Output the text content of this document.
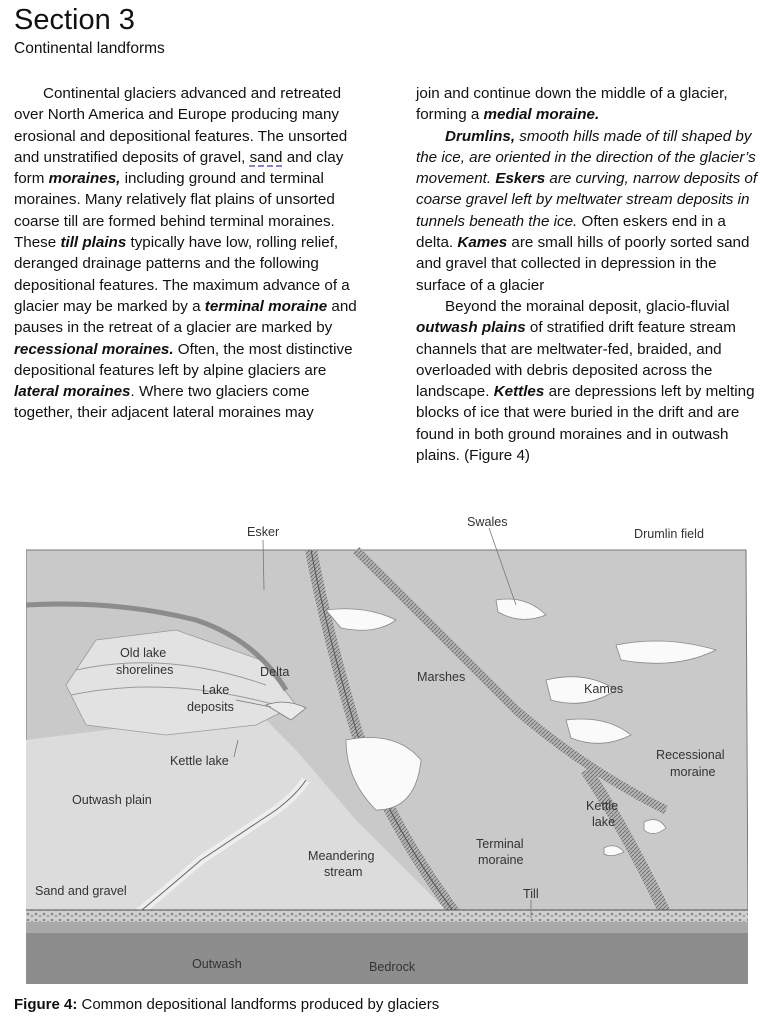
Section 3
Continental landforms

Continental glaciers advanced and retreated over North America and Europe producing many erosional and depositional features. The unsorted and unstratified deposits of gravel, sand and clay form moraines, including ground and terminal moraines. Many relatively flat plains of unsorted coarse till are formed behind terminal moraines. These till plains typically have low, rolling relief, deranged drainage patterns and the following depositional features. The maximum advance of a glacier may be marked by a terminal moraine and pauses in the retreat of a glacier are marked by recessional moraines. Often, the most distinctive depositional features left by alpine glaciers are lateral moraines. Where two glaciers come together, their adjacent lateral moraines may

join and continue down the middle of a glacier, forming a medial moraine.

Drumlins, smooth hills made of till shaped by the ice, are oriented in the direction of the glacier’s movement. Eskers are curving, narrow deposits of coarse gravel left by meltwater stream deposits in tunnels beneath the ice. Often eskers end in a delta. Kames are small hills of poorly sorted sand and gravel that collected in depression in the surface of a glacier

Beyond the morainal deposit, glacio-fluvial outwash plains of stratified drift feature stream channels that are meltwater-fed, braided, and overloaded with debris deposited across the landscape. Kettles are depressions left by melting blocks of ice that were buried in the drift and are found in both ground moraines and in outwash plains. (Figure 4)

Esker
Swales
Drumlin field
Old lake
shorelines	Delta
Lake
deposits
Marshes
Kames
Kettle lake	Recessional
moraine
Outwash plain	Kettle
lake
Meandering
stream
Terminal
moraine
Sand and gravel	Till
Outwash	Bedrock
Figure 4: Common depositional landforms produced by glaciers
